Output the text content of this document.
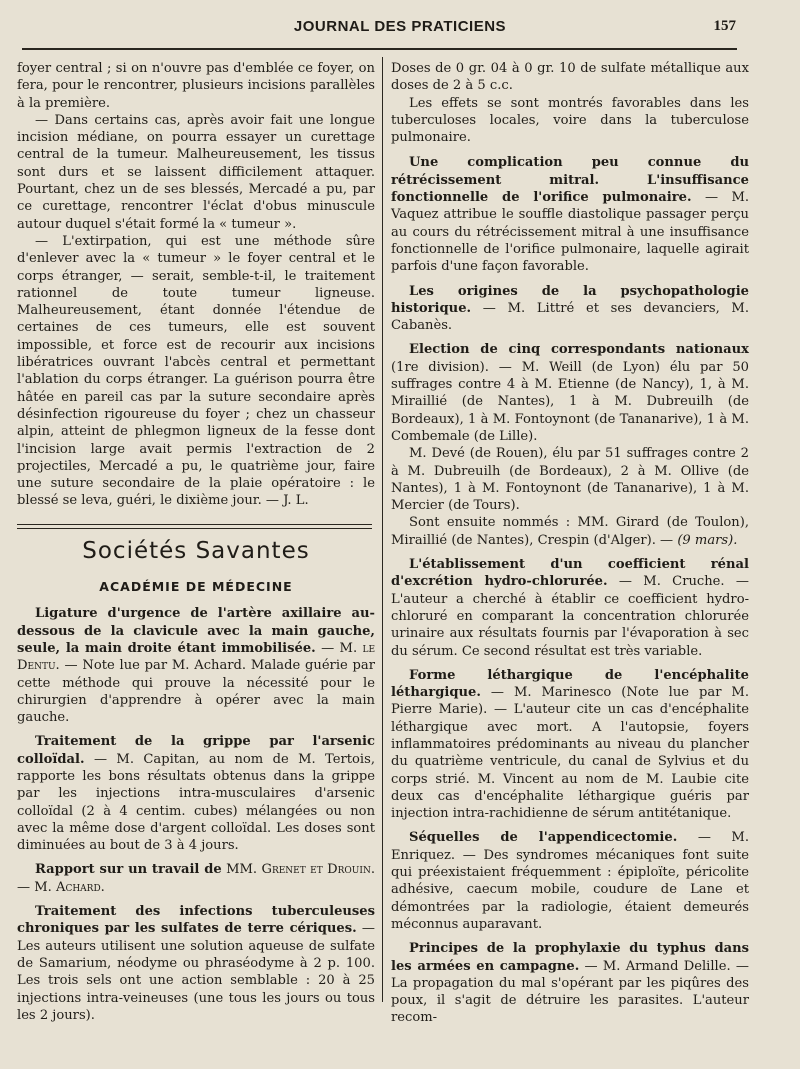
JOURNAL DES PRATICIENS	157

foyer central ; si on n'ouvre pas d'emblée ce foyer, on fera, pour le rencontrer, plusieurs incisions parallèles à la première.

— Dans certains cas, après avoir fait une longue incision médiane, on pourra essayer un curettage central de la tumeur. Malheureusement, les tissus sont durs et se laissent difficilement attaquer. Pourtant, chez un de ses blessés, Mercadé a pu, par ce curettage, rencontrer l'éclat d'obus minuscule autour duquel s'était formé la « tumeur ».

— L'extirpation, qui est une méthode sûre d'enlever avec la « tumeur » le foyer central et le corps étranger, — serait, semble-t-il, le traitement rationnel de toute tumeur ligneuse. Malheureusement, étant donnée l'étendue de certaines de ces tumeurs, elle est souvent impossible, et force est de recourir aux incisions libératrices ouvrant l'abcès central et permettant l'ablation du corps étranger. La guérison pourra être hâtée en pareil cas par la suture secondaire après désinfection rigoureuse du foyer ; chez un chasseur alpin, atteint de phlegmon ligneux de la fesse dont l'incision large avait permis l'extraction de 2 projectiles, Mercadé a pu, le quatrième jour, faire une suture secondaire de la plaie opératoire : le blessé se leva, guéri, le dixième jour. — J. L.

Sociétés Savantes
ACADÉMIE DE MÉDECINE

Ligature d'urgence de l'artère axillaire au-dessous de la clavicule avec la main gauche, seule, la main droite étant immobilisée. — M. le Dentu. — Note lue par M. Achard. Malade guérie par cette méthode qui prouve la nécessité pour le chirurgien d'apprendre à opérer avec la main gauche.

Traitement de la grippe par l'arsenic colloïdal. — M. Capitan, au nom de M. Tertois, rapporte les bons résultats obtenus dans la grippe par les injections intra-musculaires d'arsenic colloïdal (2 à 4 centim. cubes) mélangées ou non avec la même dose d'argent colloïdal. Les doses sont diminuées au bout de 3 à 4 jours.

Rapport sur un travail de MM. Grenet et Drouin. — M. Achard.

Traitement des infections tuberculeuses chroniques par les sulfates de terre cériques. — Les auteurs utilisent une solution aqueuse de sulfate de Samarium, néodyme ou phraséodyme à 2 p. 100. Les trois sels ont une action semblable : 20 à 25 injections intra-veineuses (une tous les jours ou tous les 2 jours).

Doses de 0 gr. 04 à 0 gr. 10 de sulfate métallique aux doses de 2 à 5 c.c.

Les effets se sont montrés favorables dans les tuberculoses locales, voire dans la tuberculose pulmonaire.

Une complication peu connue du rétrécissement mitral. L'insuffisance fonctionnelle de l'orifice pulmonaire. — M. Vaquez attribue le souffle diastolique passager perçu au cours du rétrécissement mitral à une insuffisance fonctionnelle de l'orifice pulmonaire, laquelle agirait parfois d'une façon favorable.

Les origines de la psychopathologie historique. — M. Littré et ses devanciers, M. Cabanès.

Election de cinq correspondants nationaux (1re division). — M. Weill (de Lyon) élu par 50 suffrages contre 4 à M. Etienne (de Nancy), 1, à M. Miraillié (de Nantes), 1 à M. Dubreuilh (de Bordeaux), 1 à M. Fontoynont (de Tananarive), 1 à M. Combemale (de Lille).

M. Devé (de Rouen), élu par 51 suffrages contre 2 à M. Dubreuilh (de Bordeaux), 2 à M. Ollive (de Nantes), 1 à M. Fontoynont (de Tananarive), 1 à M. Mercier (de Tours).

Sont ensuite nommés : MM. Girard (de Toulon), Miraillié (de Nantes), Crespin (d'Alger). — (9 mars).

L'établissement d'un coefficient rénal d'excrétion hydro-chlorurée. — M. Cruche. — L'auteur a cherché à établir ce coefficient hydro-chloruré en comparant la concentration chlorurée urinaire aux résultats fournis par l'évaporation à sec du sérum. Ce second résultat est très variable.

Forme léthargique de l'encéphalite léthargique. — M. Marinesco (Note lue par M. Pierre Marie). — L'auteur cite un cas d'encéphalite léthargique avec mort. A l'autopsie, foyers inflammatoires prédominants au niveau du plancher du quatrième ventricule, du canal de Sylvius et du corps strié. M. Vincent au nom de M. Laubie cite deux cas d'encéphalite léthargique guéris par injection intra-rachidienne de sérum antitétanique.

Séquelles de l'appendicectomie. — M. Enriquez. — Des syndromes mécaniques font suite qui préexistaient fréquemment : épiploïte, péricolite adhésive, caecum mobile, coudure de Lane et démontrées par la radiologie, étaient demeurés méconnus auparavant.

Principes de la prophylaxie du typhus dans les armées en campagne. — M. Armand Delille. — La propagation du mal s'opérant par les piqûres des poux, il s'agit de détruire les parasites. L'auteur recom-
